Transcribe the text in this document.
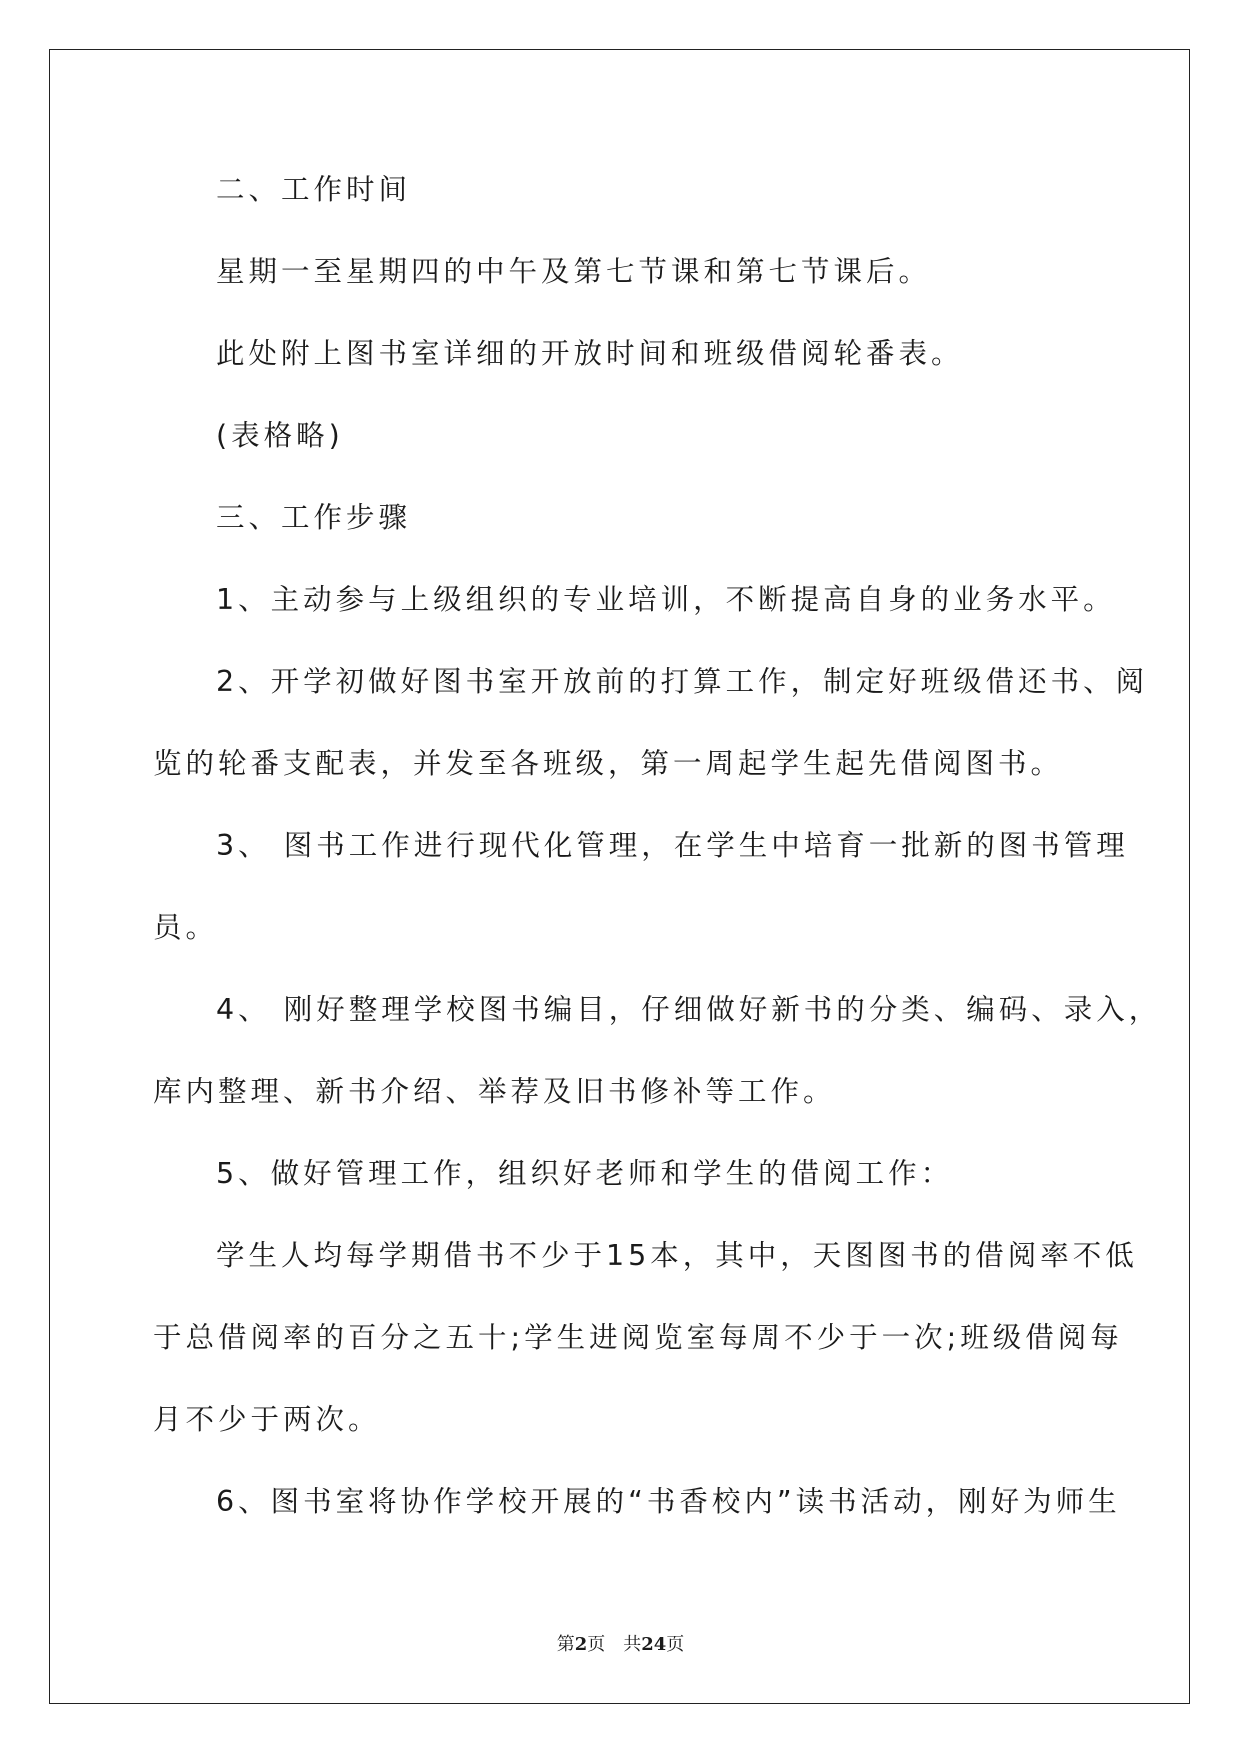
二、工作时间
星期一至星期四的中午及第七节课和第七节课后。
此处附上图书室详细的开放时间和班级借阅轮番表。
(表格略)
三、工作步骤
1、主动参与上级组织的专业培训，不断提高自身的业务水平。
2、开学初做好图书室开放前的打算工作，制定好班级借还书、阅
览的轮番支配表，并发至各班级，第一周起学生起先借阅图书。
3、 图书工作进行现代化管理，在学生中培育一批新的图书管理
员。
4、 刚好整理学校图书编目，仔细做好新书的分类、编码、录入，
库内整理、新书介绍、举荐及旧书修补等工作。
5、做好管理工作，组织好老师和学生的借阅工作：
学生人均每学期借书不少于15本，其中，天图图书的借阅率不低
于总借阅率的百分之五十;学生进阅览室每周不少于一次;班级借阅每
月不少于两次。
6、图书室将协作学校开展的“书香校内”读书活动，刚好为师生
第2页　共24页
